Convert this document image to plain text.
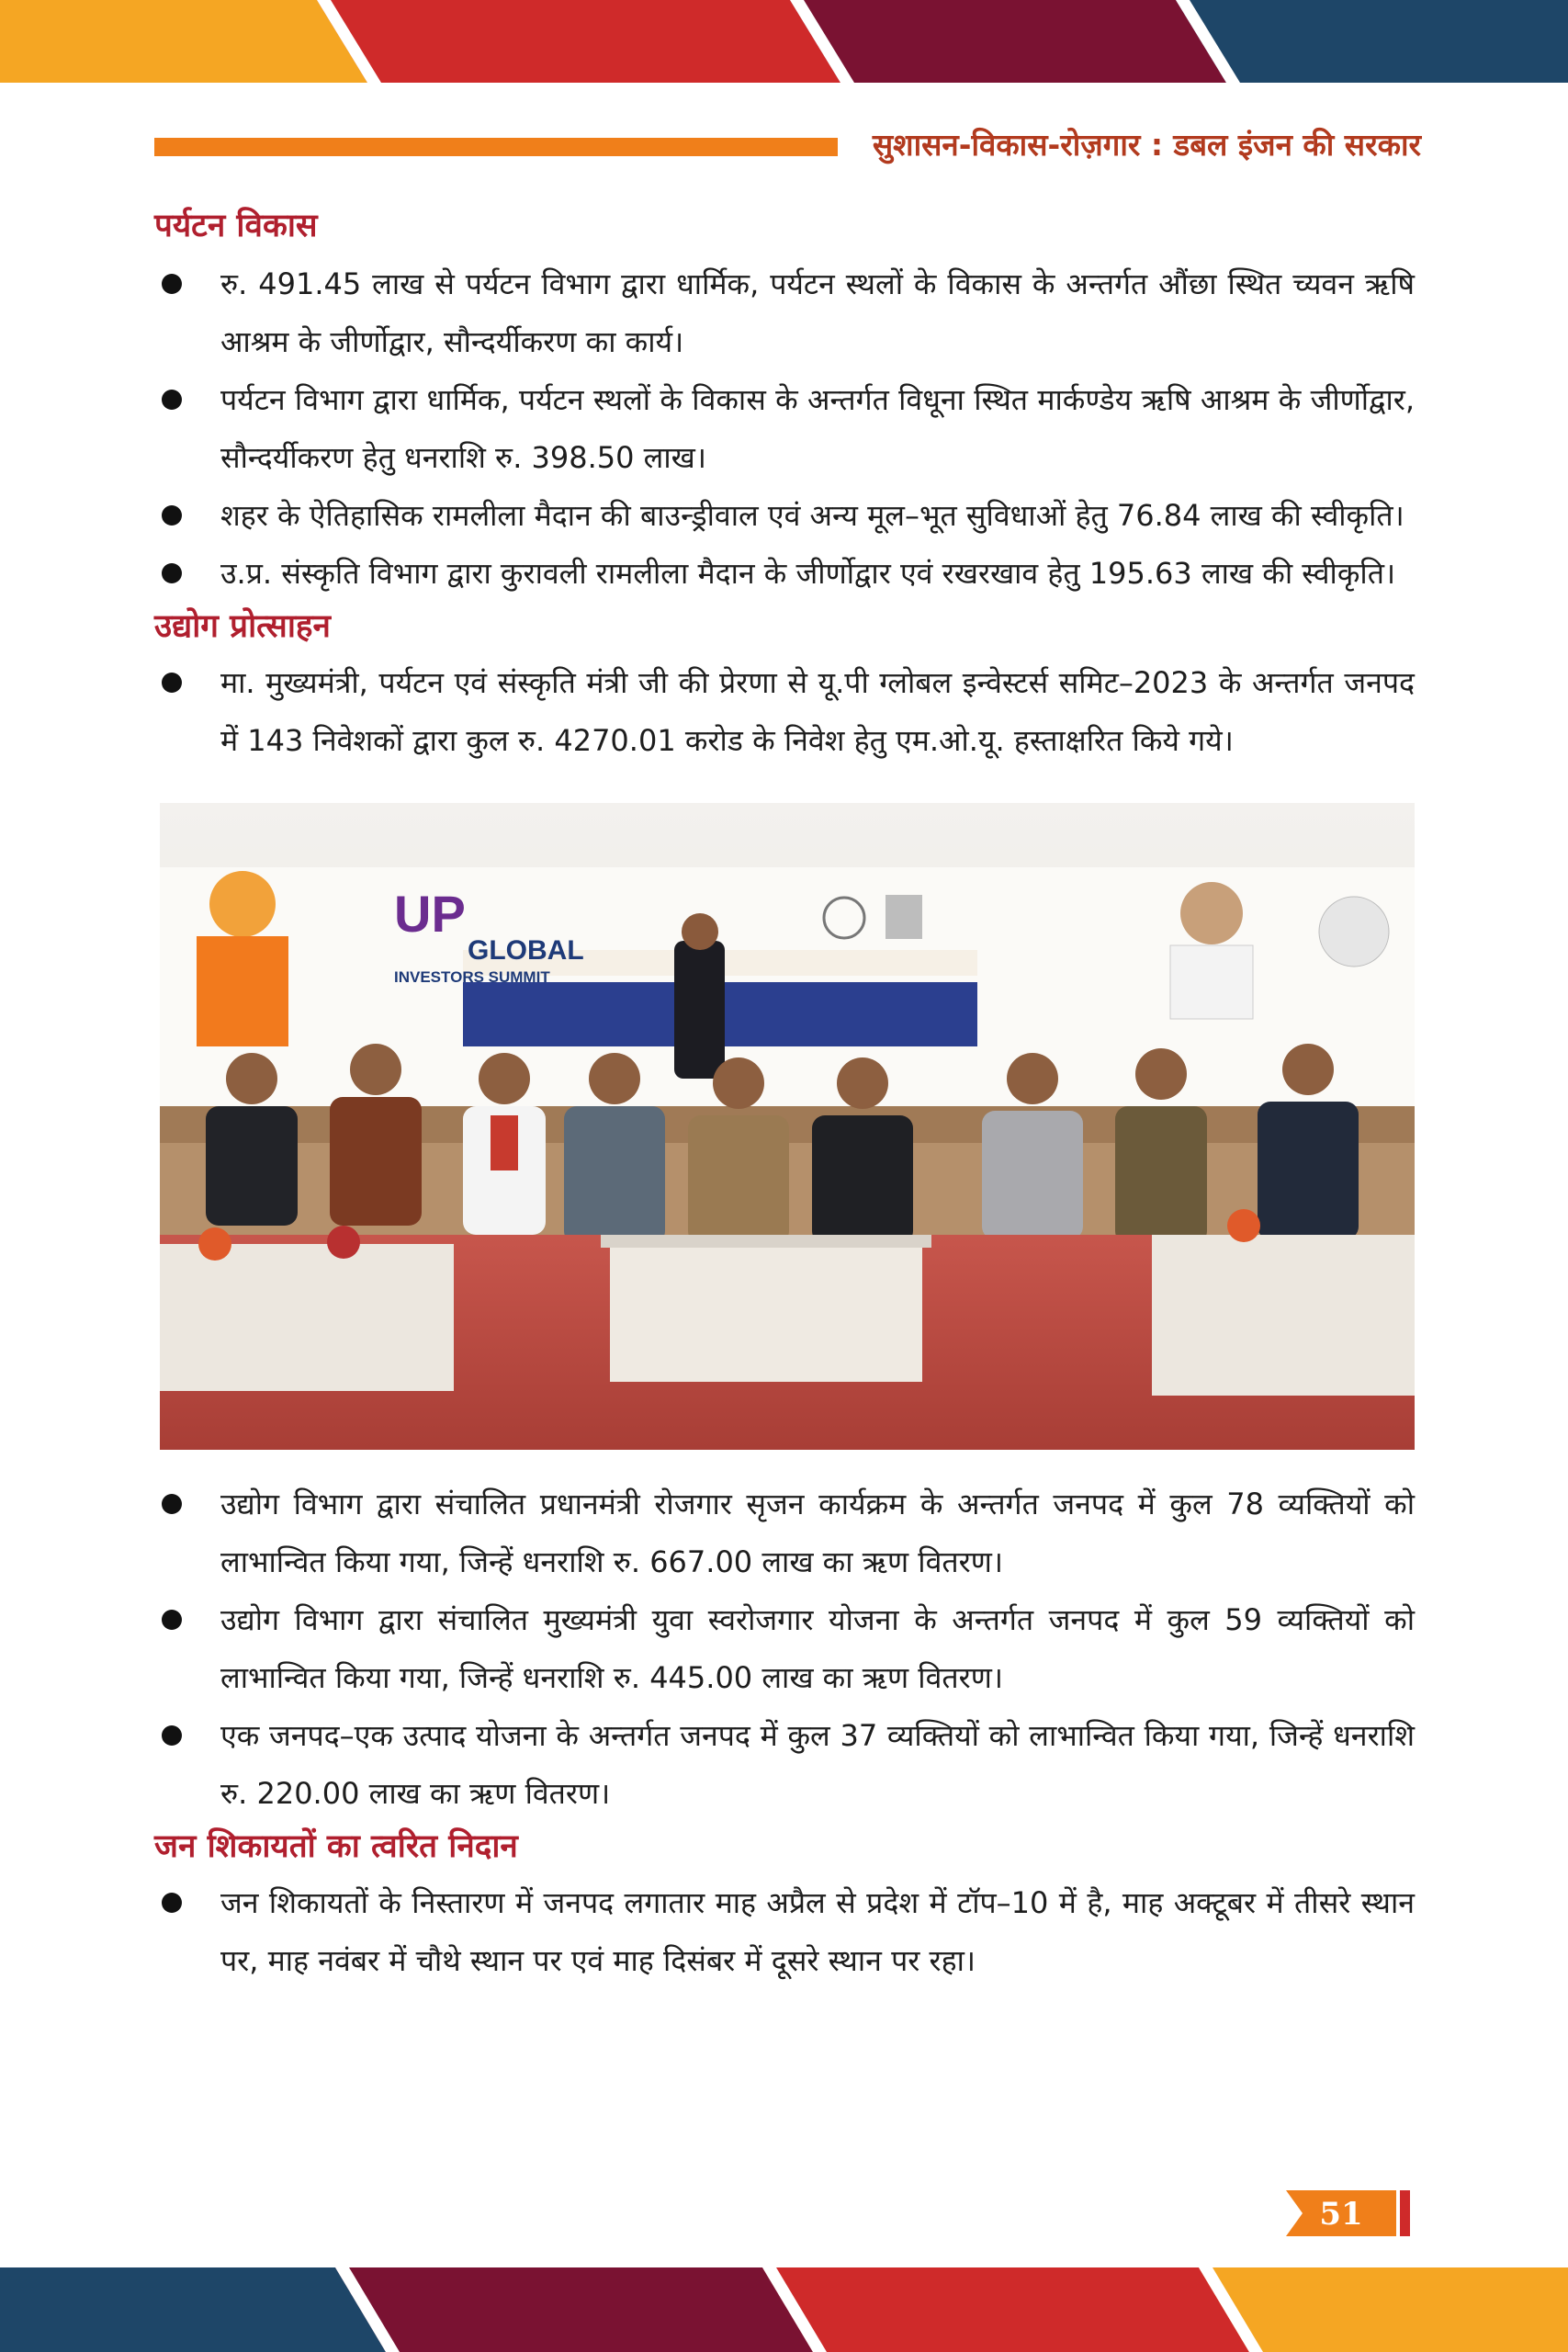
सुशासन-विकास-रोज़गार : डबल इंजन की सरकार
पर्यटन विकास
रु. 491.45 लाख से पर्यटन विभाग द्वारा धार्मिक, पर्यटन स्थलों के विकास के अन्तर्गत औंछा स्थित च्यवन ऋषि आश्रम के जीर्णोद्वार, सौन्दर्यीकरण का कार्य।
पर्यटन विभाग द्वारा धार्मिक, पर्यटन स्थलों के विकास के अन्तर्गत विधूना स्थित मार्कण्डेय ऋषि आश्रम के जीर्णोद्वार, सौन्दर्यीकरण हेतु धनराशि रु. 398.50 लाख।
शहर के ऐतिहासिक रामलीला मैदान की बाउन्ड्रीवाल एवं अन्य मूल–भूत सुविधाओं हेतु 76.84 लाख की स्वीकृति।
उ.प्र. संस्कृति विभाग द्वारा कुरावली रामलीला मैदान के जीर्णोद्वार एवं रखरखाव हेतु 195.63 लाख की स्वीकृति।
उद्योग प्रोत्साहन
मा. मुख्यमंत्री, पर्यटन एवं संस्कृति मंत्री जी की प्रेरणा से यू.पी ग्लोबल इन्वेस्टर्स समिट–2023 के अन्तर्गत जनपद में 143 निवेशकों द्वारा कुल रु. 4270.01 करोड के निवेश हेतु एम.ओ.यू. हस्ताक्षरित किये गये।
UP
GLOBAL
INVESTORS SUMMIT
उद्योग विभाग द्वारा संचालित प्रधानमंत्री रोजगार सृजन कार्यक्रम के अन्तर्गत जनपद में कुल 78 व्यक्तियों को लाभान्वित किया गया, जिन्हें धनराशि रु. 667.00 लाख का ऋण वितरण।
उद्योग विभाग द्वारा संचालित मुख्यमंत्री युवा स्वरोजगार योजना के अन्तर्गत जनपद में कुल 59 व्यक्तियों को लाभान्वित किया गया, जिन्हें धनराशि रु. 445.00 लाख का ऋण वितरण।
एक जनपद–एक उत्पाद योजना के अन्तर्गत जनपद में कुल 37 व्यक्तियों को लाभान्वित किया गया, जिन्हें धनराशि रु. 220.00 लाख का ऋण वितरण।
जन शिकायतों का त्वरित निदान
जन शिकायतों के निस्तारण में जनपद लगातार माह अप्रैल से प्रदेश में टॉप–10 में है, माह अक्टूबर में तीसरे स्थान पर, माह नवंबर में चौथे स्थान पर एवं माह दिसंबर में दूसरे स्थान पर रहा।
51
